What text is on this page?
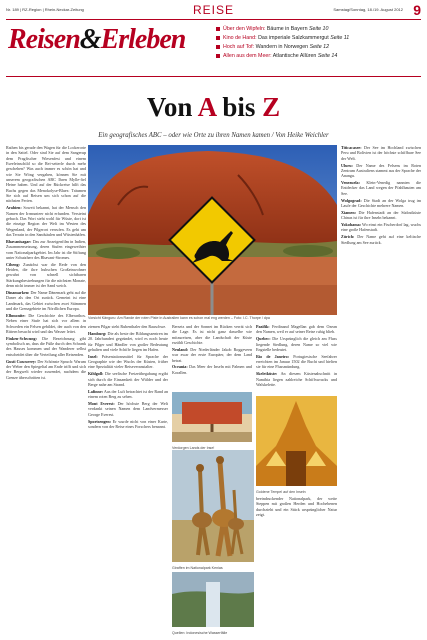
Nr. 189 | RZ-Region | Rhein-Neckar-Zeitung	REISE	Samstag/Sonntag, 18./19. August 2012 9
Reisen&Erleben	Über den Wipfeln: Bäume in Bayern Seite 10
Kino de Hand: Das imperiale Salzkammergut Seite 11
Hoch auf Tof: Wandern in Norwegen Seite 12
Allen aus dem Meer: Atlantische Allüren Seite 14
Von A bis Z
Ein geografisches ABC – oder wie Orte zu ihren Namen kamen / Von Heike Weichler

Rathen bis gerade den Wagen für die Lockerorte in den Sattel. Oder sind Sie auf dem Sangerup dem Pragfischer Wiesenfest und einem Eseeleinschild so die Rei-seiterle durch mehr geschehen? Was auch immer es schön hat und wie Sie Wöng vergaben, können Sie mit unserem geografischen ABC Ihren Mylle-fiel Heine haben. Und auf der Rückreise hilft das Buchs gegen das Menokolyse-Blues: Träumen Sie sich auf Reisen um sich schon auf die nächsten Ferien.

Arabien: Soweit bekannt, hat der Mensch den Namen der Irrmunteer nicht erfunden. Versteint gebuch. Das Wort steht wohl für Wüste, dort ist die einzige Region der Welt im Westen des Wegenland, der Pilgerort verrufen. Es geht um das Terrain in den Sandsäulen und Wüstenhäfen.

Bhavanisagar: Das zur Anzeigenfilm in Indien, Zusammensetzung, deren Stufen eingeweihter vom Nationalparkgebiet. Im Jahr ist die Stiftung unter Schutzherr des Bhavani-Stromes.

Ciheng: Zunächst war die Rede von den Heiden, die ihre hubschen Großeinwohner gewahrt von schnell sichtbaren Stärkungsbestrebungen für die nächsten Monate, denn nicht immer ist der Sand weich.

Dinamarken: Der Name Dänemark geht auf die Daner als den Ort zurück. Gemeint ist eine Landmark, das Gebiet zwischen zwei Stämmen und die Grenzgebiete im Nördlichen Europa.

Elbmonite: Die Geschichte des Elberarthos. Neben einer Stufe hat sich vor allem in Schweden ein Felsen gebildet, der auch von den Rittern besucht wird und das Wasser leitet.

Finken-Schwung: Die Bezeichnung gibt symbolisch an, dass die Füße durch den Schrank des Hauses kommen und der Wanderer selbst entscheidet über die Verteilung aller Reisenden.

Gusti Cuscurrey: Der Schönste Spruch: Warum der Weber den Spiegeltal am Ende trifft und sich der Bergwelt wieder zuwendet, nachdem die Grenze überschritten ist.

Vorsicht Känguru: Am Rande der roten Piste in Australien kann es schon mal eng werden – Foto: I.C. Thorpe / dpa

ziemen Pilgar steht Rubenthaler den Rauschwe.

Hamburg: Die als beste der Bildungszentren im 20. Jahrhundert gegründet, wird es noch heute für Pilger und Händler von großer Bedeutung gehalten und viele Schiffe liegen im Hafen.

Insel: Präsentationsmittel für Sprache der Geographie wie der Wuchs der Küsten, früher eine Spezialität vieler Reiseveranstalter.

Kihlgoll: Die seelische Freizeitbegabung ergibt sich durch die Einsamkeit der Wälder und der Berge nahe am Strand.

Lafinne: Aus der Luft betrachtet ist der Rand an einem roten Berg zu sehen.

Mont Everest: Der höchste Berg der Welt verdankt seinen Namen dem Landvermesser George Everest.

Sportsengen: Er wurde nicht von einer Karte, sondern von der Reise eines Forschers benannt.

Bersetz und der Sonnet im Rücken verrät sich die Lage. Es ist nicht ganz dasselbe wie mitzureisen, aber die Landschaft der Küste erzählt Geschichte.

Neuland: Der Niederländer Jakob Roggeveen war zwar der erste Europäer, der dem Land betrat.

Oceania: Das Meer der Inseln mit Palmen und Korallen.

Verdorgen Lands der Inse!

Pazifik: Ferdinand Magellan gab dem Ozean den Namen, weil er auf seiner Reise ruhig blieb.

Quebec: Die Ursprünglich die gleich am Fluss liegende Siedlung, deren Name so viel wie Engstelle bedeutet.

Rio de Janeiro: Portugiesische Seefahrer erreichten im Januar 1502 die Bucht und hielten sie für eine Flussmündung.

Skeletküste: An diesem Küstenabschnitt in Namibia liegen zahlreiche Schiffswracks und Walskelette.

Giraffen im Nationalpark Kenias
Goldene Tempel auf den Inseln

beeindruckender Nationalpark, der weite Steppen mit großen Herden und Hochebenen durchzieht und ein Stück ursprünglicher Natur zeigt.

Quellen: Indonesische Wasserfälle

Titicacasee: Der See im Hochland zwischen Peru und Bolivien ist der höchste schiffbare See der Welt.

Uluru: Der Name des Felsens im Roten Zentrum Australiens stammt aus der Sprache der Anangu.

Venezuela: Klein-Venedig nannten die Entdecker das Land wegen der Pfahlbauten am See.

Wolgograd: Die Stadt an der Wolga trug im Laufe der Geschichte mehrere Namen.

Xiamen: Die Hafenstadt an der Südostküste Chinas ist für ihre Inseln bekannt.

Yokohama: Wo einst ein Fischerdorf lag, wuchs eine große Hafenstadt.

Zürich: Der Name geht auf eine keltische Siedlung am See zurück.
